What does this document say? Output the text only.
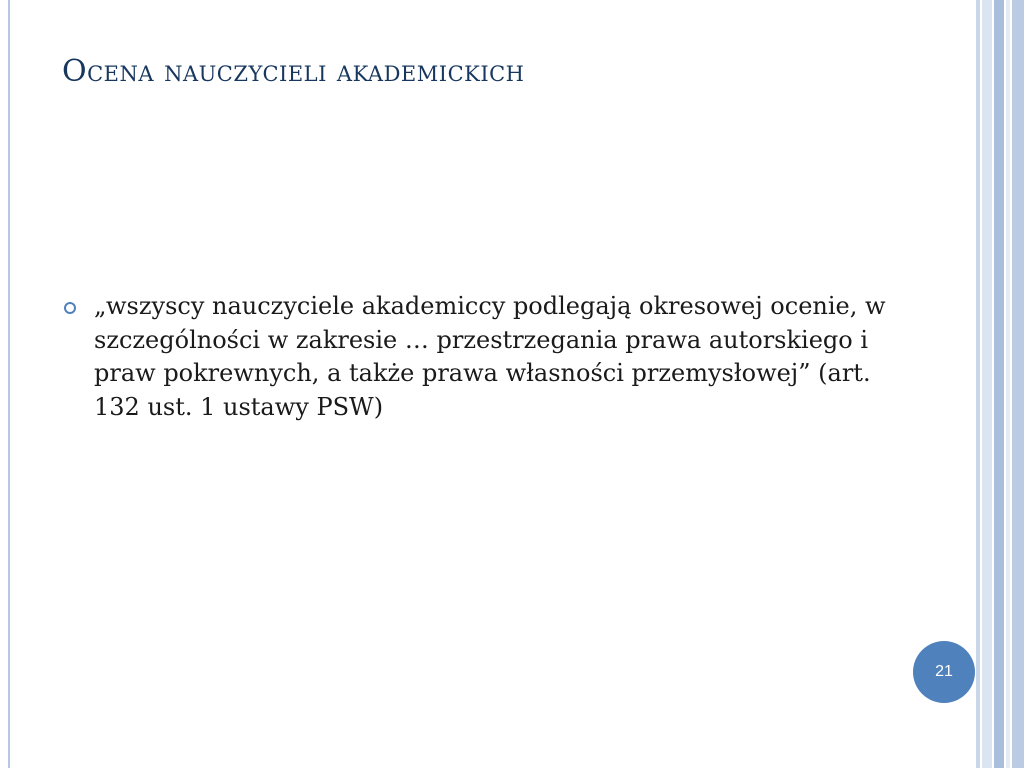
Ocena nauczycieli akademickich
„wszyscy nauczyciele akademiccy podlegają okresowej ocenie, w szczególności w zakresie … przestrzegania prawa autorskiego i praw pokrewnych, a także prawa własności przemysłowej” (art. 132 ust. 1 ustawy PSW)
21
